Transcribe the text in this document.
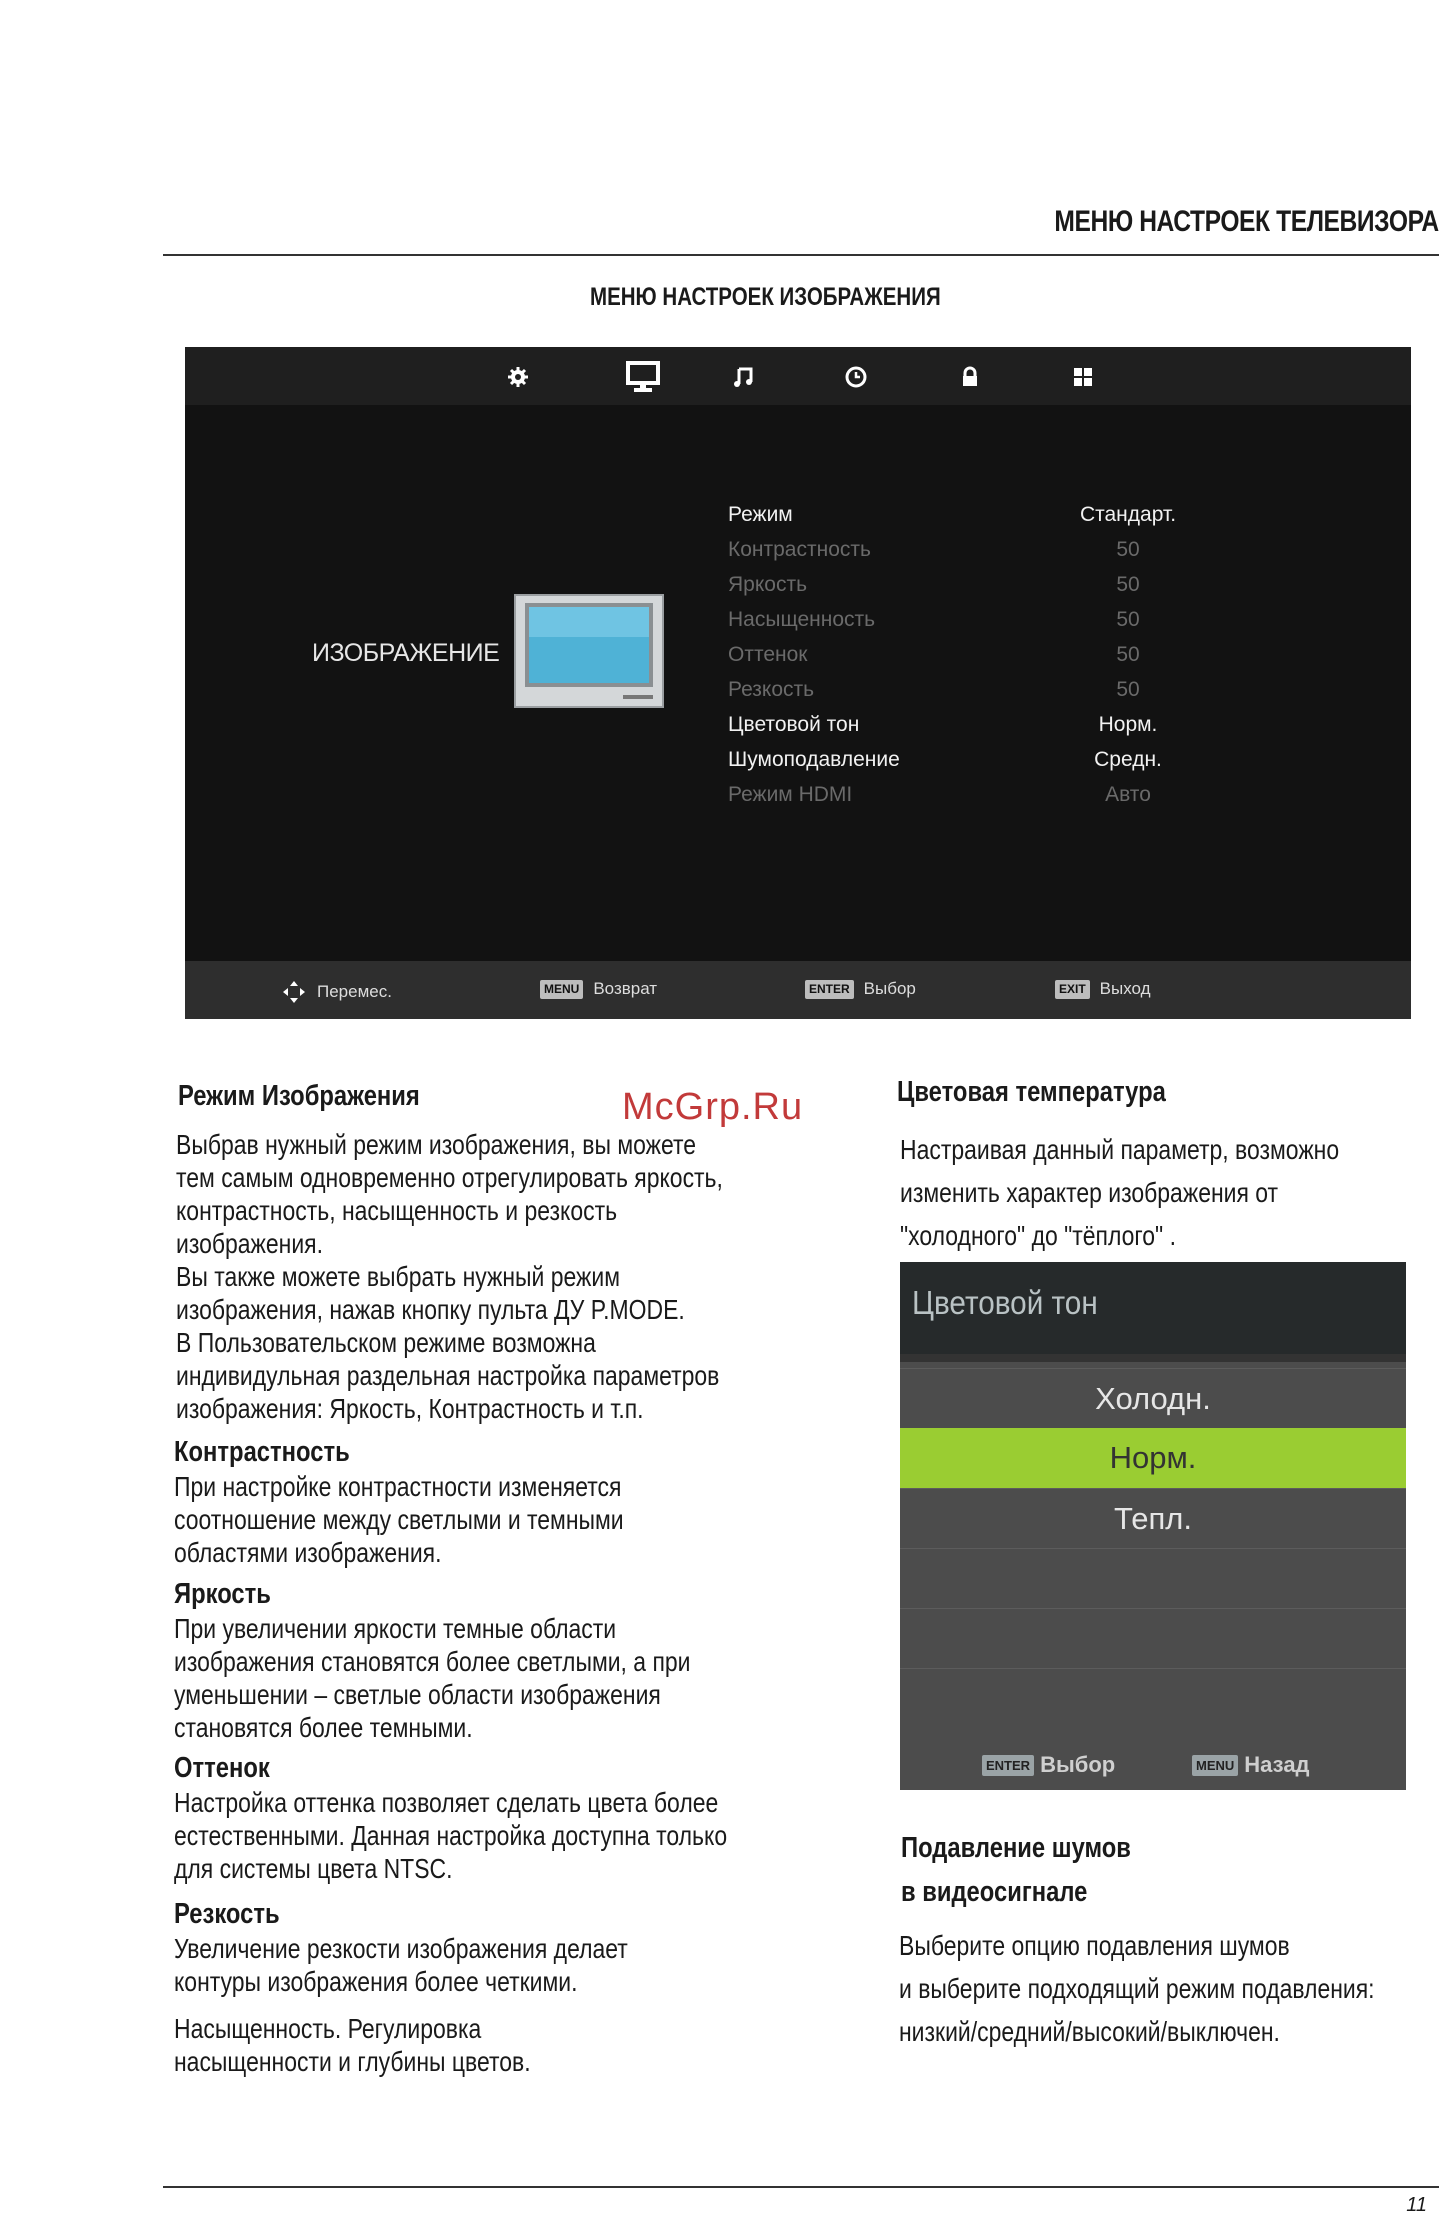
МЕНЮ НАСТРОЕК ТЕЛЕВИЗОРА
МЕНЮ НАСТРОЕК ИЗОБРАЖЕНИЯ
ИЗОБРАЖЕНИЕ
Режим	Стандарт.
Контрастность	50
Яркость	50
Насыщенность	50
Оттенок	50
Резкость	50
Цветовой тон	Норм.
Шумоподавление	Средн.
Режим HDMI	Авто
Перемес.	MENU Возврат	ENTER Выбор	EXIT Выход
Режим Изображения
Выбрав нужный режим изображения, вы можете
тем самым одновременно отрегулировать яркость,
контрастность, насыщенность и резкость
изображения.
Вы также можете выбрать нужный режим
изображения, нажав кнопку пульта ДУ P.MODE.
В Пользовательском режиме возможна
индивидульная раздельная настройка параметров
изображения: Яркость, Контрастность и т.п.
Контрастность
При настройке контрастности изменяется
соотношение между светлыми и темными
областями изображения.
Яркость
При увеличении яркости темные области
изображения становятся более светлыми, а при
уменьшении – светлые области изображения
становятся более темными.
Оттенок
Настройка оттенка позволяет сделать цвета более
естественными. Данная настройка доступна только
для системы цвета NTSC.
Резкость
Увеличение резкости изображения делает
контуры изображения более четкими.
Насыщенность. Регулировка
насыщенности и глубины цветов.
McGrp.Ru	Цветовая температура
Настраивая данный параметр, возможно
изменить характер изображения от
"холодного" до "тёплого" .
Цветовой тон
Холодн.
Норм.
Тепл.
ENTER Выбор	MENU Назад
Подавление шумов
в видеосигнале
Выберите опцию подавления шумов
и выберите подходящий режим подавления:
низкий/средний/высокий/выключен.
11
